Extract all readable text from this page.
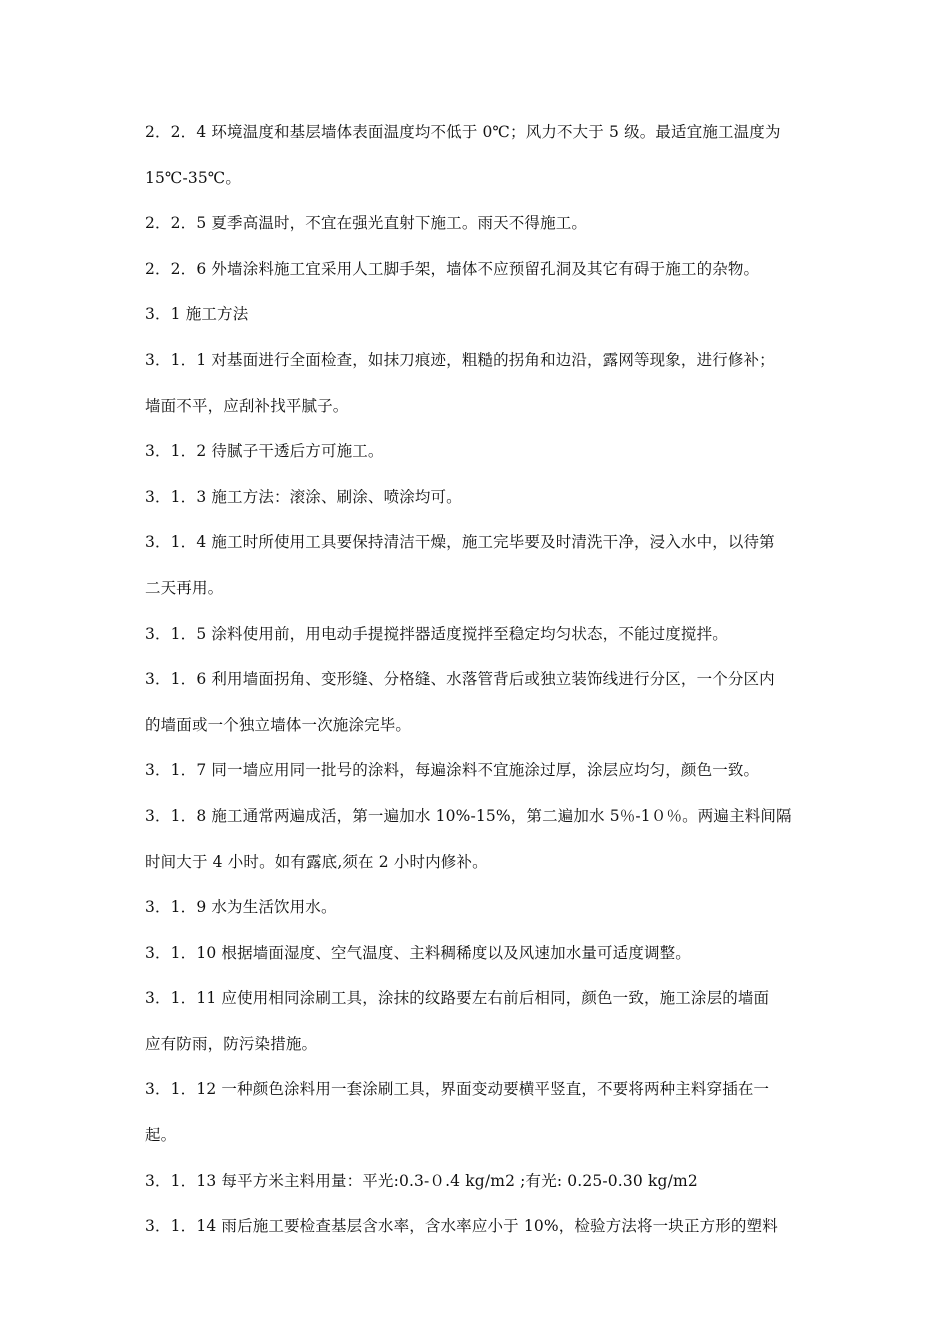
2．2．4 环境温度和基层墙体表面温度均不低于 0℃；风力不大于 5 级。最适宜施工温度为
15℃-35℃。
2．2．5 夏季高温时，不宜在强光直射下施工。雨天不得施工。
2．2．6 外墙涂料施工宜采用人工脚手架，墙体不应预留孔洞及其它有碍于施工的杂物。
3．1 施工方法
3．1．1 对基面进行全面检查，如抹刀痕迹，粗糙的拐角和边沿，露网等现象，进行修补；
墙面不平，应刮补找平腻子。
3．1．2 待腻子干透后方可施工。
3．1．3 施工方法：滚涂、刷涂、喷涂均可。
3．1．4 施工时所使用工具要保持清洁干燥，施工完毕要及时清洗干净，浸入水中，以待第
二天再用。
3．1．5 涂料使用前，用电动手提搅拌器适度搅拌至稳定均匀状态，不能过度搅拌。
3．1．6 利用墙面拐角、变形缝、分格缝、水落管背后或独立装饰线进行分区，一个分区内
的墙面或一个独立墙体一次施涂完毕。
3．1．7 同一墙应用同一批号的涂料，每遍涂料不宜施涂过厚，涂层应均匀，颜色一致。
3．1．8 施工通常两遍成活，第一遍加水 10%-15%，第二遍加水 5％-1０％。两遍主料间隔
时间大于 4 小时。如有露底,须在 2 小时内修补。
3．1．9 水为生活饮用水。
3．1．10 根据墙面湿度、空气温度、主料稠稀度以及风速加水量可适度调整。
3．1．11 应使用相同涂刷工具，涂抹的纹路要左右前后相同，颜色一致，施工涂层的墙面
应有防雨，防污染措施。
3．1．12 一种颜色涂料用一套涂刷工具，界面变动要横平竖直，不要将两种主料穿插在一
起。
3．1．13 每平方米主料用量：平光:0.3-０.4 kg/m2 ;有光: 0.25-0.30 kg/m2
3．1．14 雨后施工要检查基层含水率，含水率应小于 10%，检验方法将一块正方形的塑料
